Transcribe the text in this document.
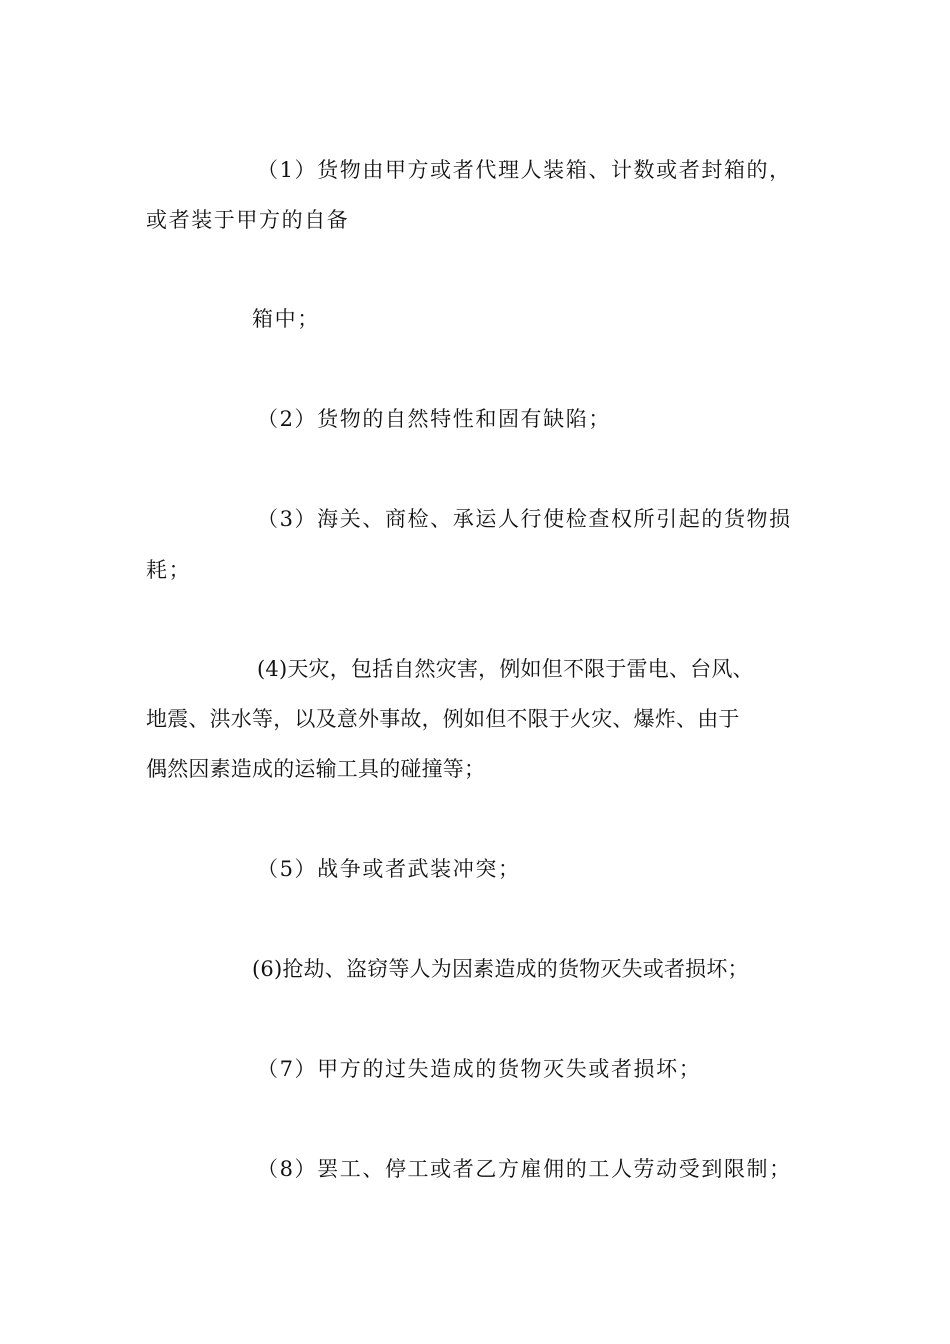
（1）货物由甲方或者代理人装箱、计数或者封箱的，
或者装于甲方的自备
箱中；
（2）货物的自然特性和固有缺陷；
（3）海关、商检、承运人行使检查权所引起的货物损
耗；
(4)天灾，包括自然灾害，例如但不限于雷电、台风、
地震、洪水等，以及意外事故，例如但不限于火灾、爆炸、由于
偶然因素造成的运输工具的碰撞等；
（5）战争或者武装冲突；
(6)抢劫、盗窃等人为因素造成的货物灭失或者损坏；
（7）甲方的过失造成的货物灭失或者损坏；
（8）罢工、停工或者乙方雇佣的工人劳动受到限制；
